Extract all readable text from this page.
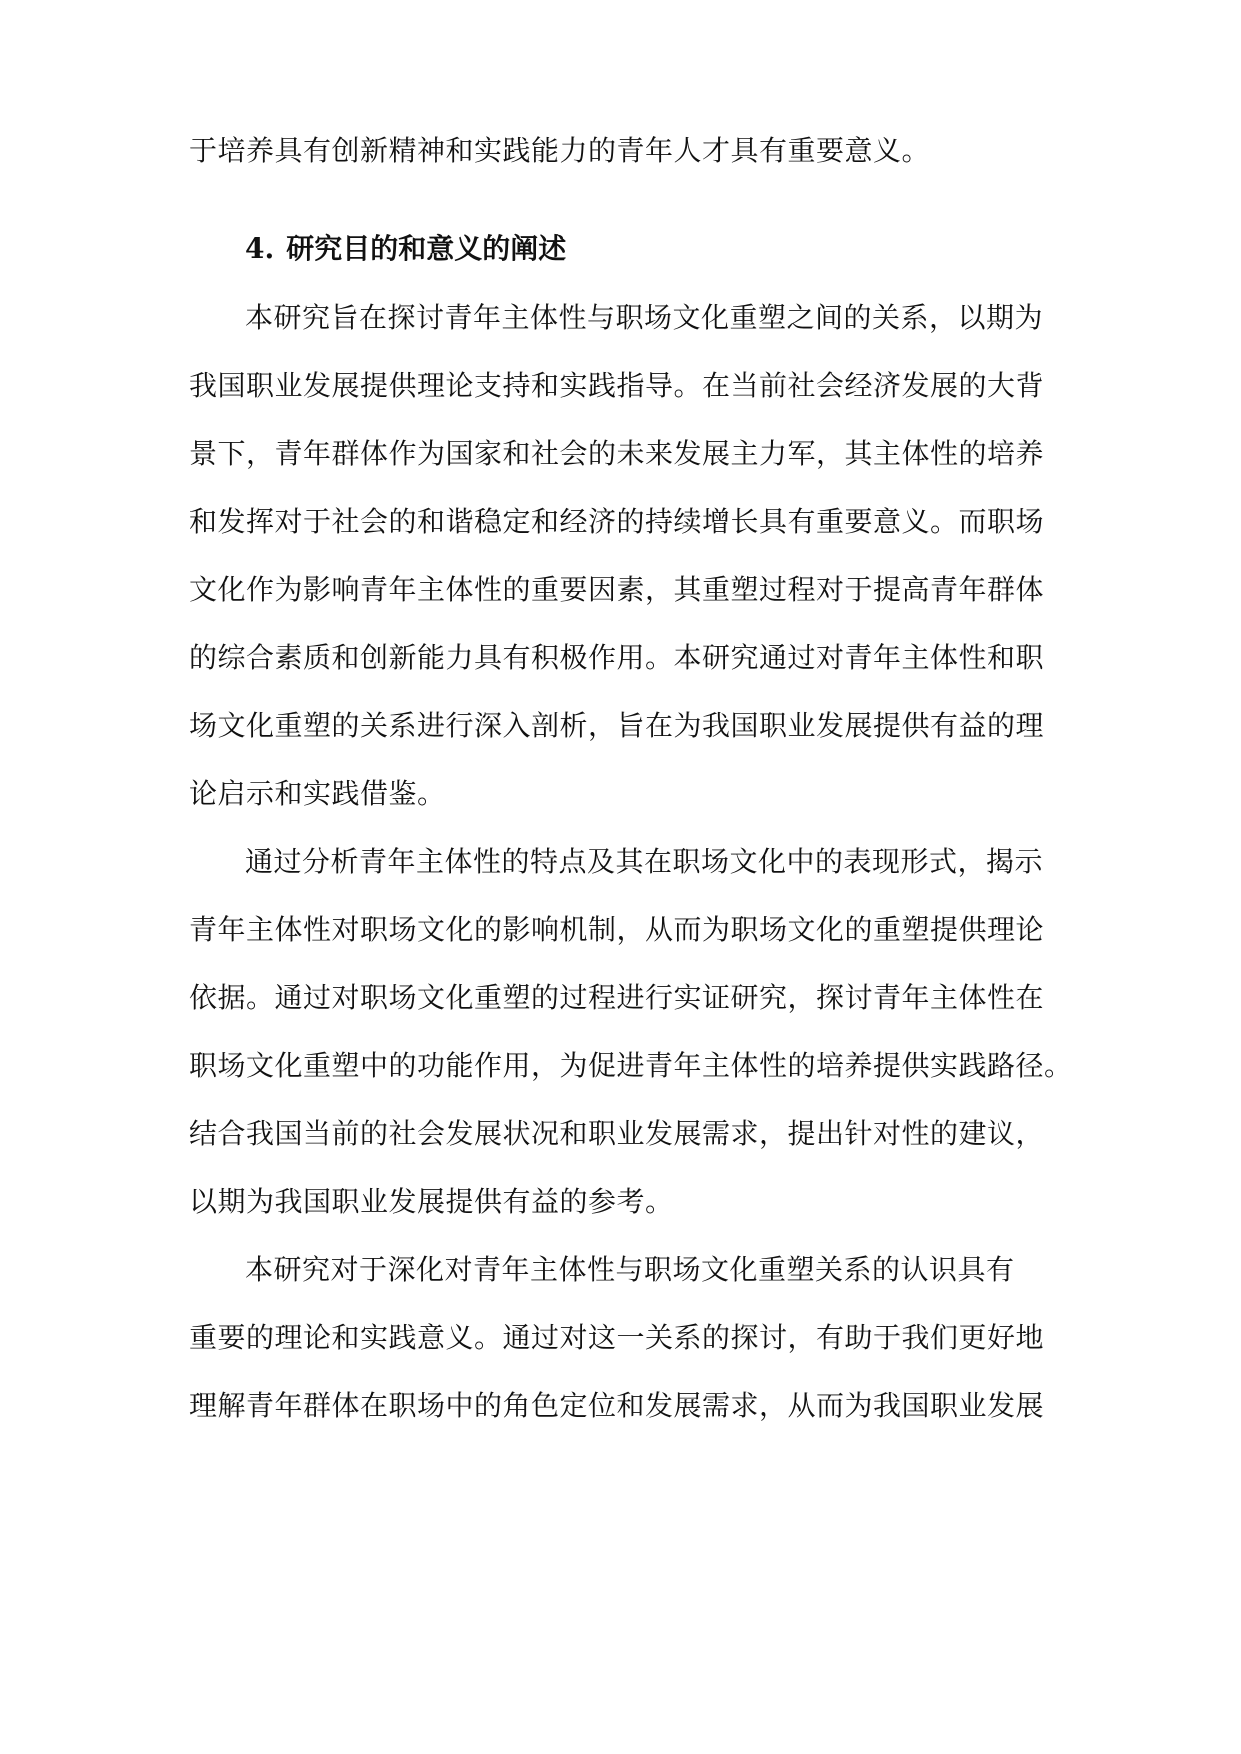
于培养具有创新精神和实践能力的青年人才具有重要意义。
4. 研究目的和意义的阐述
本研究旨在探讨青年主体性与职场文化重塑之间的关系，以期为
我国职业发展提供理论支持和实践指导。在当前社会经济发展的大背
景下，青年群体作为国家和社会的未来发展主力军，其主体性的培养
和发挥对于社会的和谐稳定和经济的持续增长具有重要意义。而职场
文化作为影响青年主体性的重要因素，其重塑过程对于提高青年群体
的综合素质和创新能力具有积极作用。本研究通过对青年主体性和职
场文化重塑的关系进行深入剖析，旨在为我国职业发展提供有益的理
论启示和实践借鉴。
通过分析青年主体性的特点及其在职场文化中的表现形式，揭示
青年主体性对职场文化的影响机制，从而为职场文化的重塑提供理论
依据。通过对职场文化重塑的过程进行实证研究，探讨青年主体性在
职场文化重塑中的功能作用，为促进青年主体性的培养提供实践路径。
结合我国当前的社会发展状况和职业发展需求，提出针对性的建议，
以期为我国职业发展提供有益的参考。
本研究对于深化对青年主体性与职场文化重塑关系的认识具有
重要的理论和实践意义。通过对这一关系的探讨，有助于我们更好地
理解青年群体在职场中的角色定位和发展需求，从而为我国职业发展
